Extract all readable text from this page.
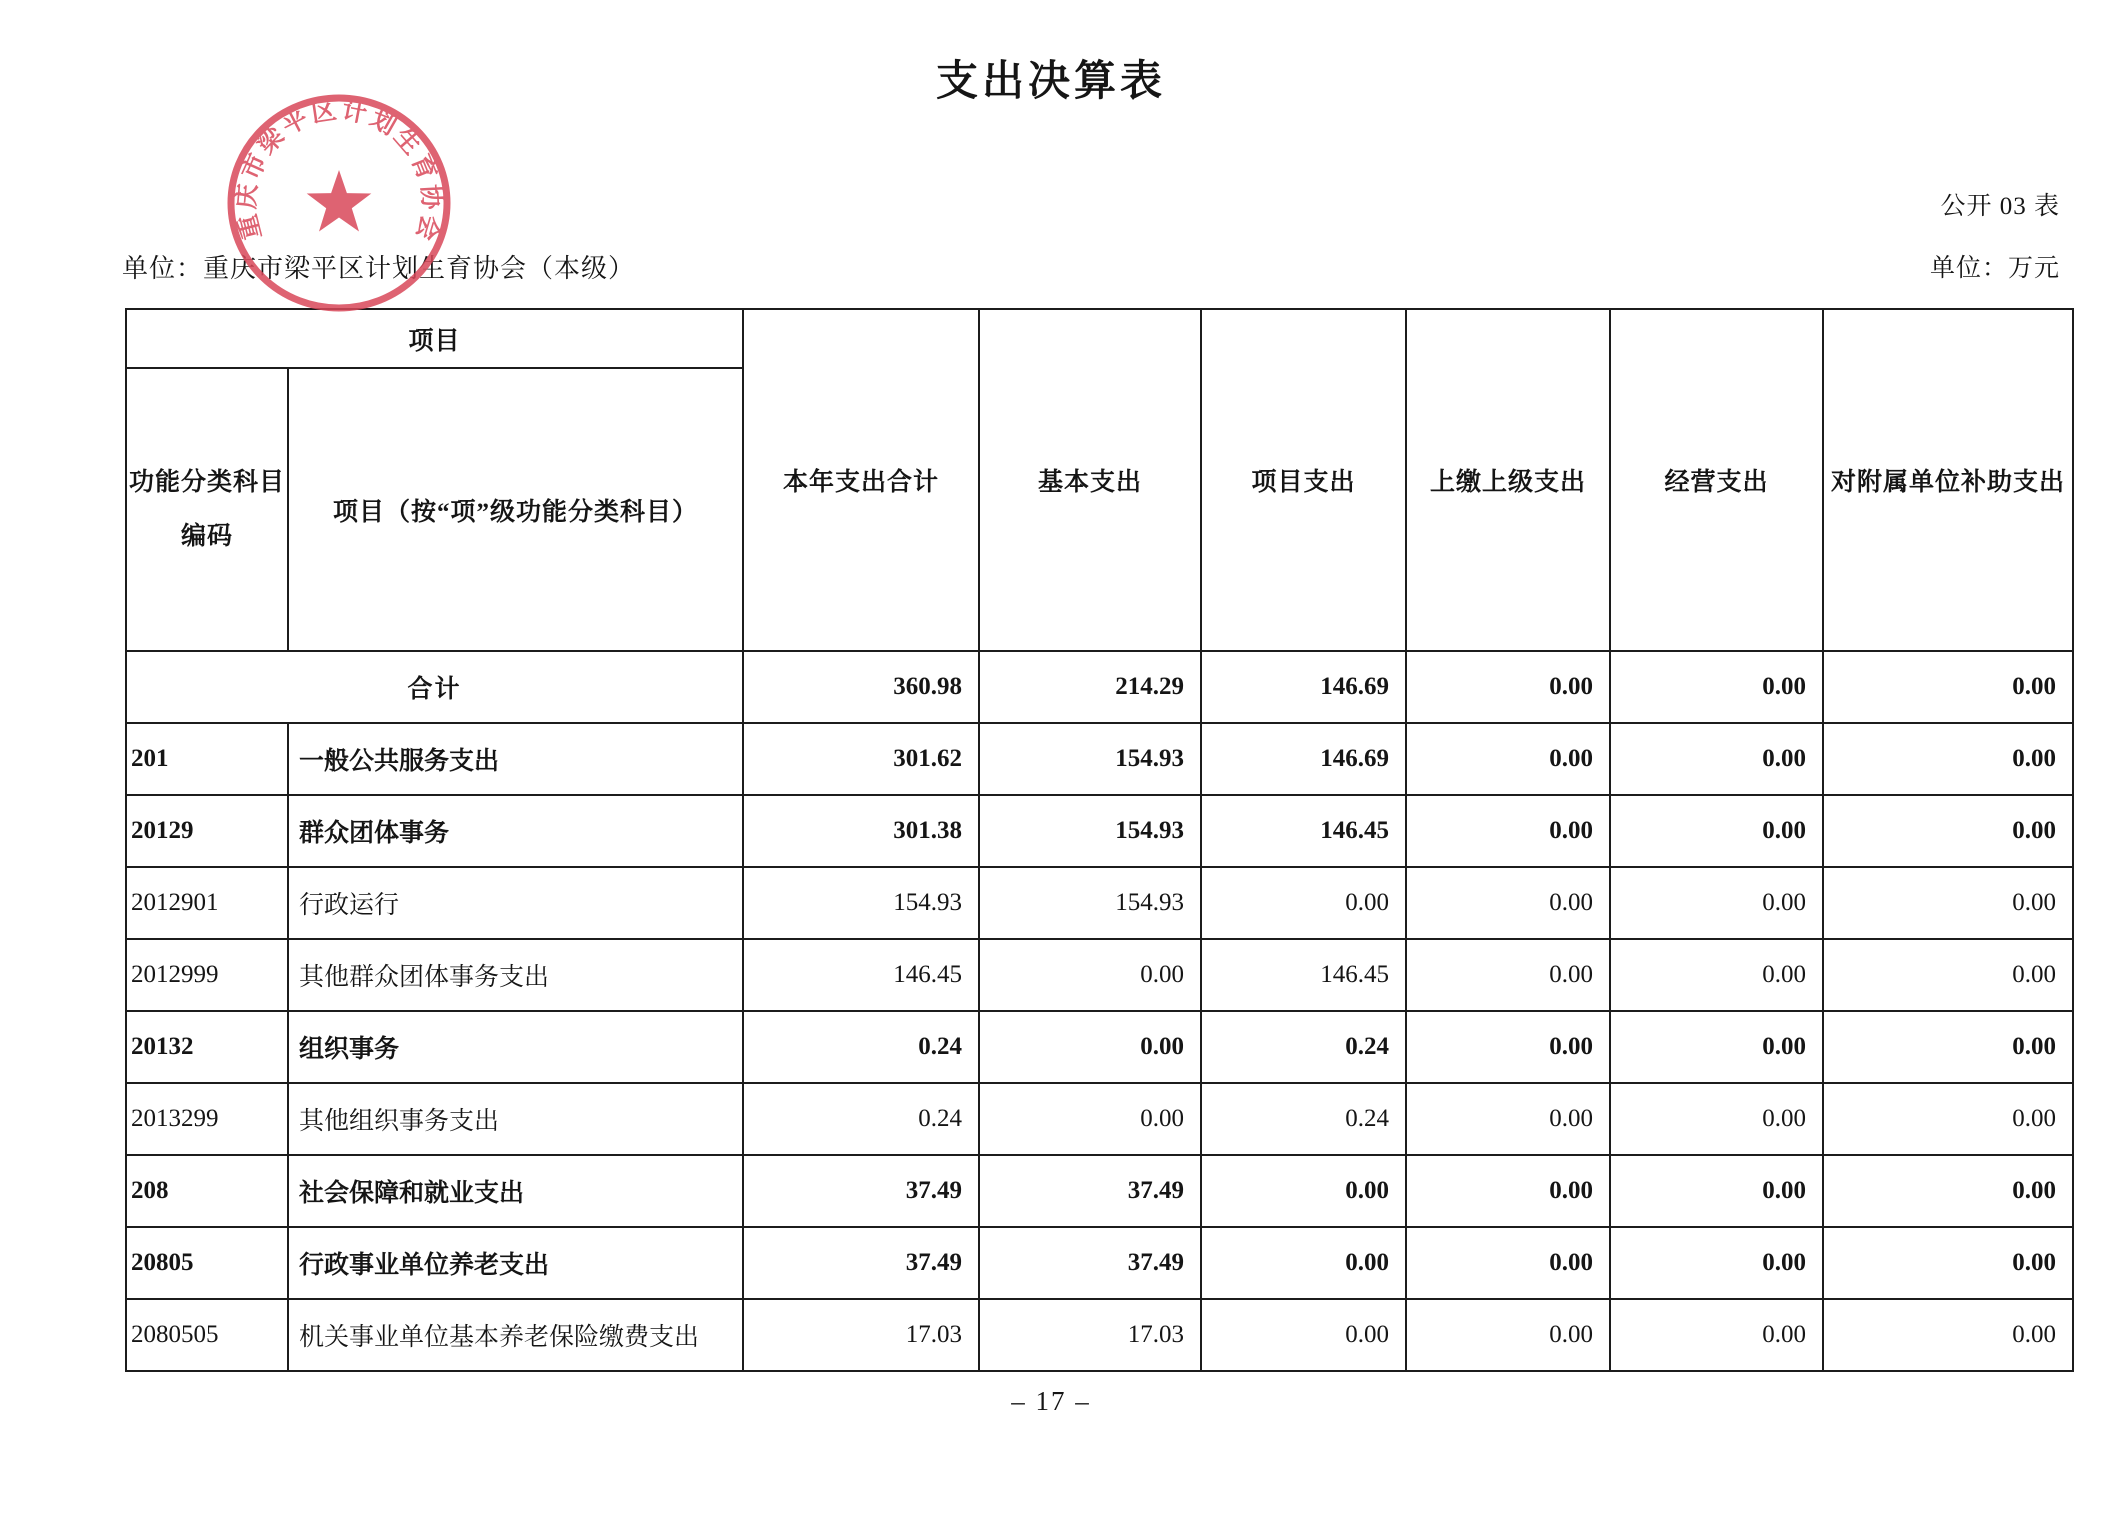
支出决算表
公开 03 表
单位：重庆市梁平区计划生育协会（本级）	单位：万元
项目		本年支出合计	基本支出	项目支出	上缴上级支出	经营支出	对附属单位补助支出

功能分类科目
编码	项目（按“项”级功能分类科目）						
合计		360.98	214.29	146.69	0.00	0.00	0.00
201	一般公共服务支出	301.62	154.93	146.69	0.00	0.00	0.00
20129	群众团体事务	301.38	154.93	146.45	0.00	0.00	0.00
2012901	行政运行	154.93	154.93	0.00	0.00	0.00	0.00
2012999	其他群众团体事务支出	146.45	0.00	146.45	0.00	0.00	0.00
20132	组织事务	0.24	0.00	0.24	0.00	0.00	0.00
2013299	其他组织事务支出	0.24	0.00	0.24	0.00	0.00	0.00
208	社会保障和就业支出	37.49	37.49	0.00	0.00	0.00	0.00
20805	行政事业单位养老支出	37.49	37.49	0.00	0.00	0.00	0.00
2080505	机关事业单位基本养老保险缴费支出	17.03	17.03	0.00	0.00	0.00	0.00
重庆市梁平区计划生育协会
– 17 –
